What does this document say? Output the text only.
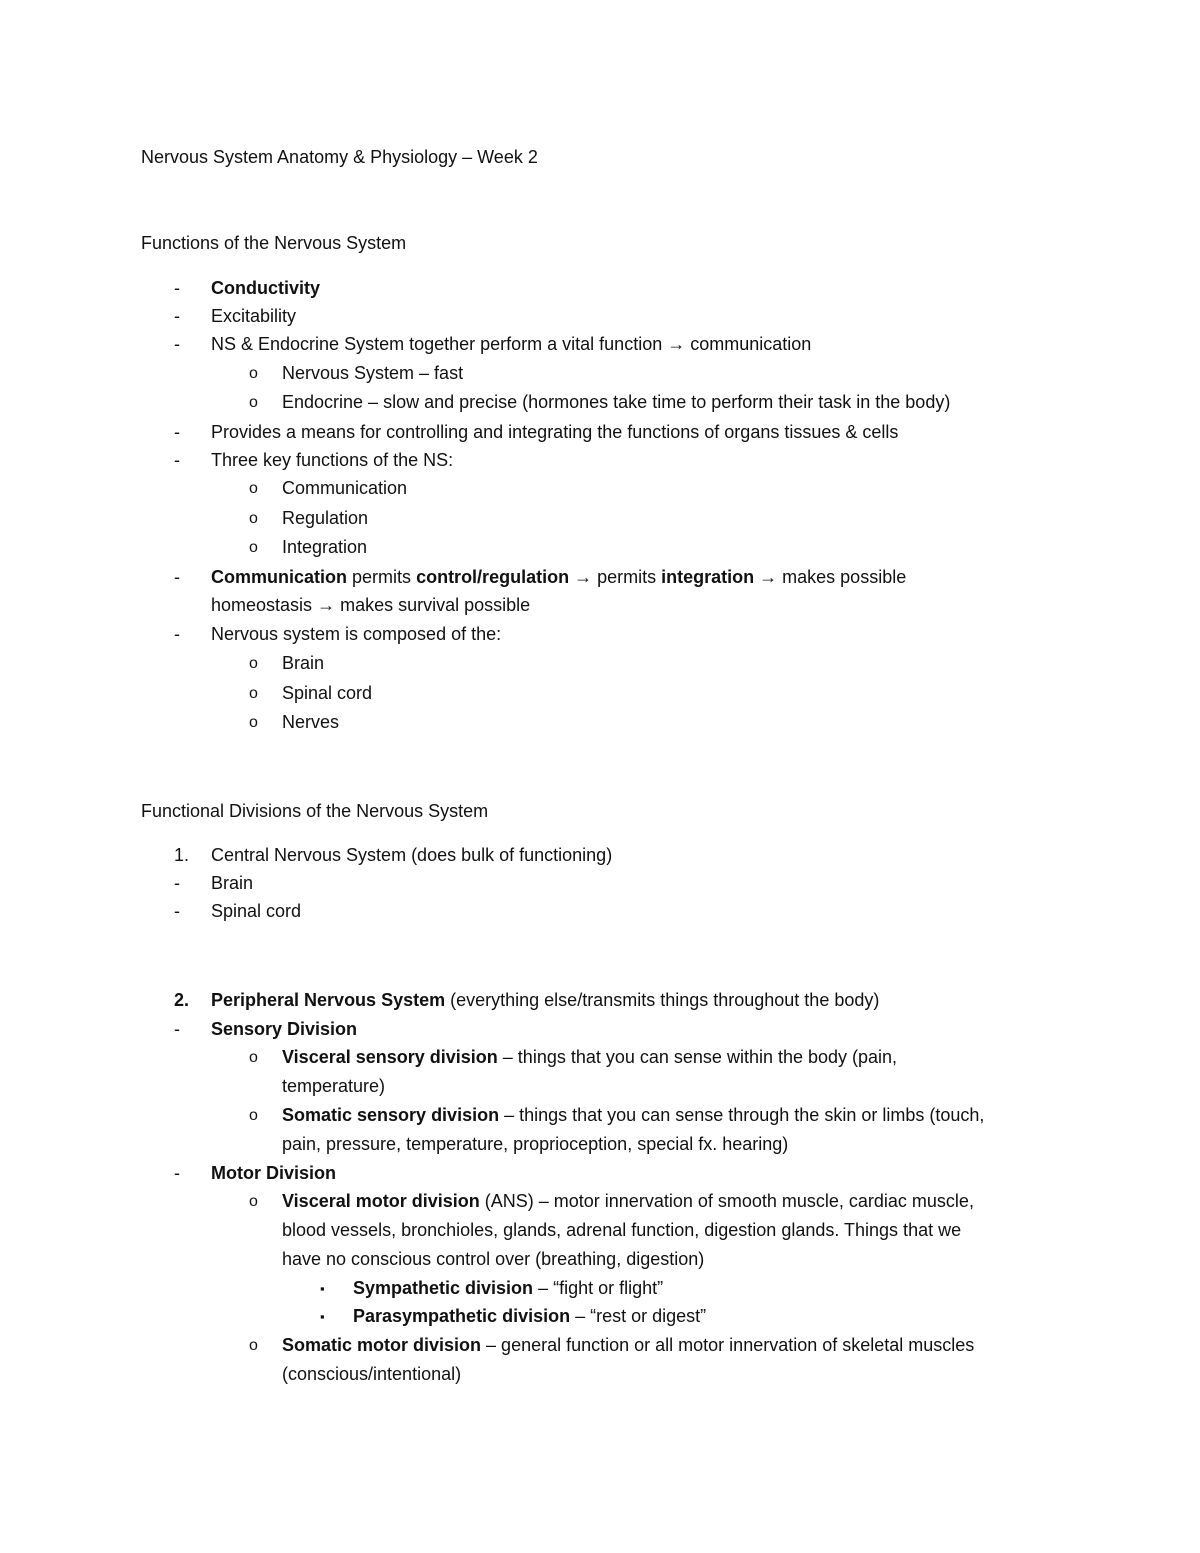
Nervous System Anatomy & Physiology – Week 2
Functions of the Nervous System
- Conductivity
- Excitability
- NS & Endocrine System together perform a vital function → communication
o Nervous System – fast
o Endocrine – slow and precise (hormones take time to perform their task in the body)
- Provides a means for controlling and integrating the functions of organs tissues & cells
- Three key functions of the NS:
o Communication
o Regulation
o Integration
- Communication permits control/regulation → permits integration → makes possible
homeostasis → makes survival possible
- Nervous system is composed of the:
o Brain
o Spinal cord
o Nerves
Functional Divisions of the Nervous System
1. Central Nervous System (does bulk of functioning)
- Brain
- Spinal cord
2. Peripheral Nervous System (everything else/transmits things throughout the body)
- Sensory Division
o Visceral sensory division – things that you can sense within the body (pain,
temperature)
o Somatic sensory division – things that you can sense through the skin or limbs (touch,
pain, pressure, temperature, proprioception, special fx. hearing)
- Motor Division
o Visceral motor division (ANS) – motor innervation of smooth muscle, cardiac muscle,
blood vessels, bronchioles, glands, adrenal function, digestion glands. Things that we
have no conscious control over (breathing, digestion)
▪ Sympathetic division – “fight or flight”
▪ Parasympathetic division – “rest or digest”
o Somatic motor division – general function or all motor innervation of skeletal muscles
(conscious/intentional)
